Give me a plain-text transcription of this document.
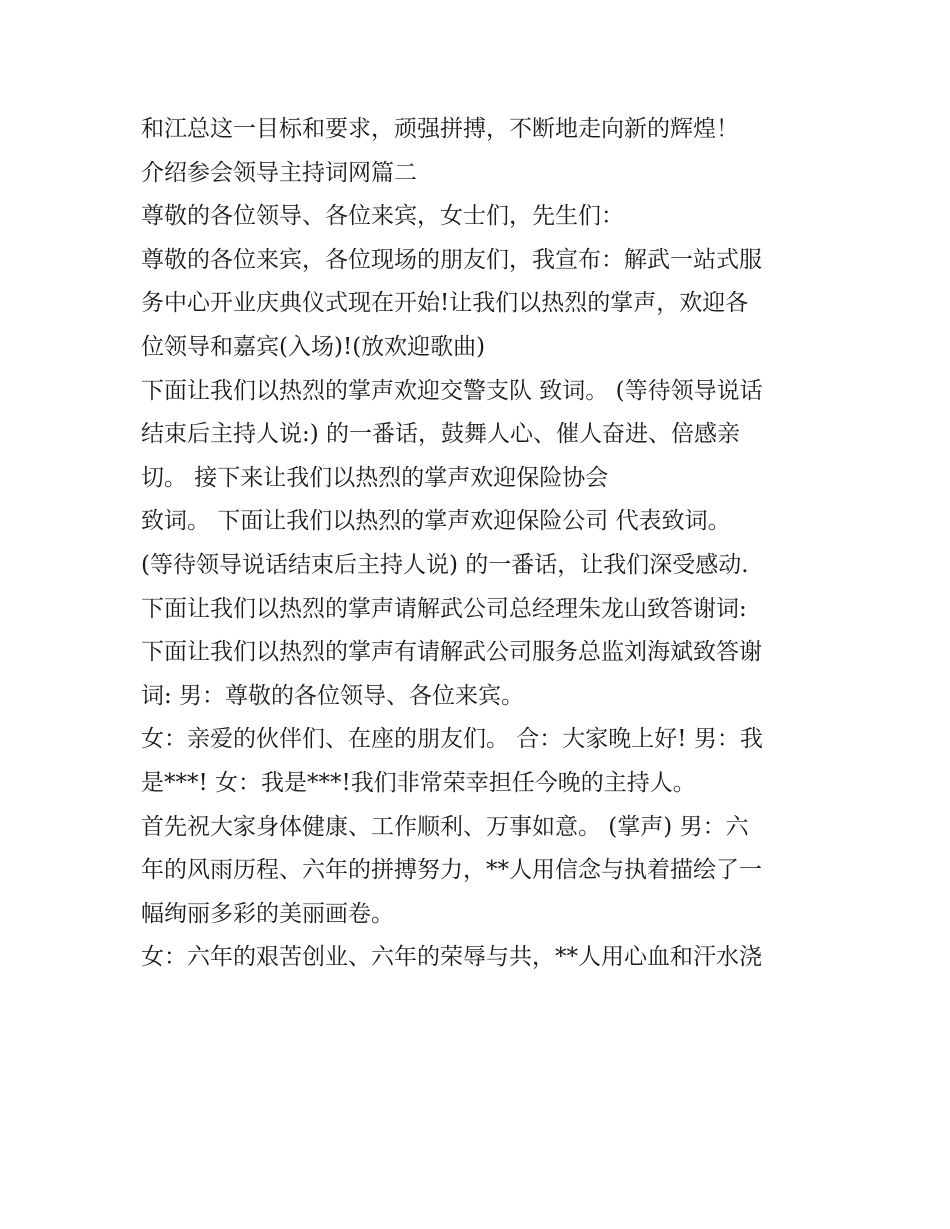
和江总这一目标和要求，顽强拼搏，不断地走向新的辉煌！
介绍参会领导主持词网篇二
尊敬的各位领导、各位来宾，女士们，先生们：
尊敬的各位来宾，各位现场的朋友们，我宣布：解武一站式服
务中心开业庆典仪式现在开始!让我们以热烈的掌声，欢迎各
位领导和嘉宾(入场)!(放欢迎歌曲)
下面让我们以热烈的掌声欢迎交警支队 致词。 (等待领导说话
结束后主持人说:) 的一番话，鼓舞人心、催人奋进、倍感亲
切。 接下来让我们以热烈的掌声欢迎保险协会
致词。 下面让我们以热烈的掌声欢迎保险公司 代表致词。
(等待领导说话结束后主持人说) 的一番话，让我们深受感动.
下面让我们以热烈的掌声请解武公司总经理朱龙山致答谢词:
下面让我们以热烈的掌声有请解武公司服务总监刘海斌致答谢
词: 男：尊敬的各位领导、各位来宾。
女：亲爱的伙伴们、在座的朋友们。 合：大家晚上好! 男：我
是***! 女：我是***!我们非常荣幸担任今晚的主持人。
首先祝大家身体健康、工作顺利、万事如意。 (掌声) 男：六
年的风雨历程、六年的拼搏努力，**人用信念与执着描绘了一
幅绚丽多彩的美丽画卷。
女：六年的艰苦创业、六年的荣辱与共，**人用心血和汗水浇
